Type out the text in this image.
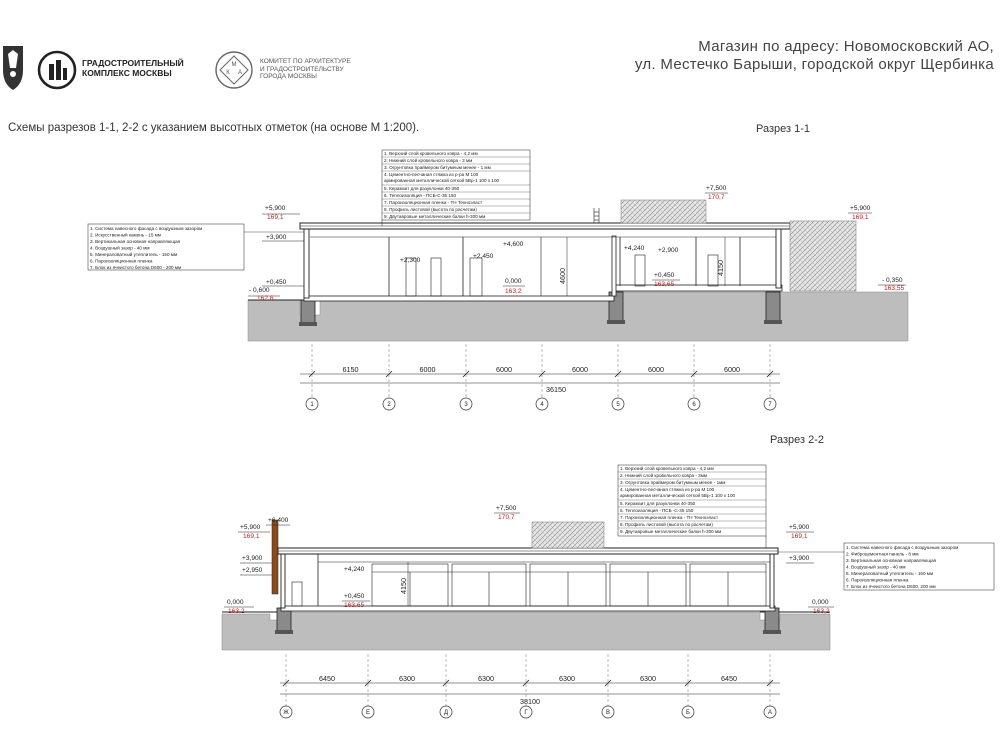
ГРАДОСТРОИТЕЛЬНЫЙ
КОМПЛЕКС МОСКВЫ
М
К А
КОМИТЕТ ПО АРХИТЕКТУРЕ
И ГРАДОСТРОИТЕЛЬСТВУ
ГОРОДА МОСКВЫ
Магазин по адресу: Новомосковский АО,
ул. Местечко Барыши, городской округ Щербинка
Схемы разрезов 1-1, 2-2 с указанием высотных отметок (на основе М 1:200).	Разрез 1-1
Разрез 2-2
4600	4150
+5,900
169,1
+3,900
+0,450
- 0,600
162,6
+2,300
+2,450
+4,600
0,000
163,2
+4,240 +2,900
+0,450
163,65
+7,500
170,7
+5,900
169,1
- 0,350
163,55
1. Верхний слой кровельного ковра - 4,2 мм
2. Нижний слой кровельного ковра - 3 мм
3. Огрунтовка праймером битумным менее - 1 мм
4. Цементно-песчаная стяжка из р-ра М 100
армированная металлической сеткой 5Вр-1 100 х 100
5. Керамзит для разуклонки 40-350
6. Теплоизоляция - ПСБ-С-35 150
7. Пароизоляционная пленка - ТН Техноэласт
8. Профиль листовой (высота по расчетам)
9. Двутавровые металлические балки h-300 мм
1. Система навесного фасада с воздушным зазором
2. Искусственный камень - 15 мм
3. Вертикальная основная направляющая
4. Воздушный зазор - 40 мм
5. Минераловатный утеплитель - 150 мм
6. Пароизоляционная пленка
7. Блок из ячеистого бетона D600 - 200 мм
6150	6000	6000	6000	6000	6000
36150
1	2	3	4	5	6	7
4150
+6,400
+5,900
169,1
+3,900
+2,950
0,000
163,2
+4,240
+0,450
163,65
+7,500
170,7
+5,900
169,1
+3,900
0,000
163,2
1. Верхний слой кровельного ковра - 4,2 мм
2. Нижний слой кровельного ковра - 3мм
3. Огрунтовка праймером битумным менее - 1мм
4. Цементно-песчаная стяжка из р-ра М 100
армированная металлической сеткой 5Вр-1 100 х 100
5. Керамзит для разуклонки 40-350
6. Теплоизоляция - ПСБ -С-35 150
7. Пароизоляционная пленка - ТН Техноэласт
8. Профиль листовой (высота по расчетам)
9. Двутавровые металлические балки h-300 мм
1. Система навесного фасада с воздушным зазором
2. Фиброцементная панель - 8 мм
3. Вертикальная основная направляющая
4. Воздушный зазор - 40 мм
5. Минераловатный утеплитель - 150 мм
6. Пароизоляционная пленка
7. Блок из ячеистого бетона D600, 200 мм
6450	6300	6300	6300	6300	6450
38100
Ж	Е	Д	Г	В	Б	А
